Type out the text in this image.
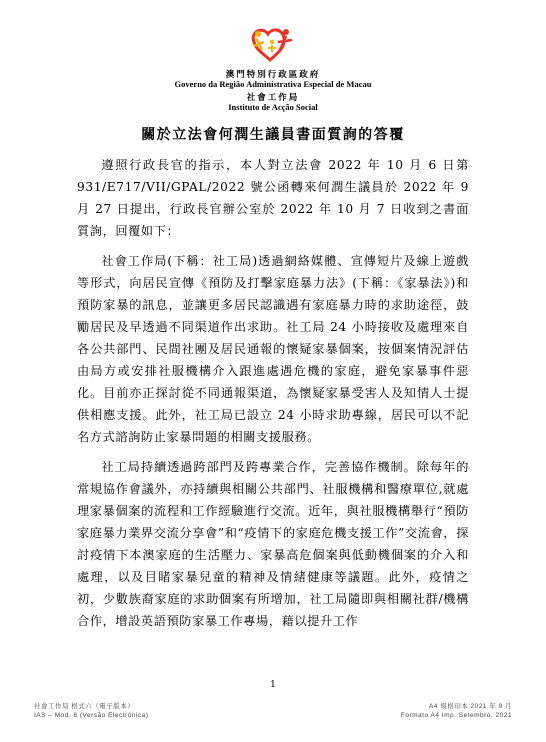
澳門特別行政區政府
Governo da Região Administrativa Especial de Macau
社會工作局
Instituto de Acção Social
關於立法會何潤生議員書面質詢的答覆

遵照行政長官的指示，本人對立法會 2022 年 10 月 6 日第 931/E717/VII/GPAL/2022 號公函轉來何潤生議員於 2022 年 9 月 27 日提出，行政長官辦公室於 2022 年 10 月 7 日收到之書面質詢，回覆如下：

社會工作局(下稱：社工局)透過網絡媒體、宣傳短片及線上遊戲等形式，向居民宣傳《預防及打擊家庭暴力法》(下稱：《家暴法》)和預防家暴的訊息，並讓更多居民認識遇有家庭暴力時的求助途徑，鼓勵居民及早透過不同渠道作出求助。社工局 24 小時接收及處理來自各公共部門、民間社團及居民通報的懷疑家暴個案，按個案情況評估由局方或安排社服機構介入跟進處遇危機的家庭，避免家暴事件惡化。目前亦正探討從不同通報渠道，為懷疑家暴受害人及知情人士提供相應支援。此外，社工局已設立 24 小時求助專線，居民可以不記名方式諮詢防止家暴問題的相關支援服務。

社工局持續透過跨部門及跨專業合作，完善協作機制。除每年的常規協作會議外，亦持續與相關公共部門、社服機構和醫療單位,就處理家暴個案的流程和工作經驗進行交流。近年，與社服機構舉行“預防家庭暴力業界交流分享會”和“疫情下的家庭危機支援工作”交流會，探討疫情下本澳家庭的生活壓力、家暴高危個案與低動機個案的介入和處理，以及目睹家暴兒童的精神及情緒健康等議題。此外，疫情之初，少數族裔家庭的求助個案有所增加，社工局隨即與相關社群/機構合作，增設英語預防家暴工作專場，藉以提升工作

1
社會工作局 格式六（電子版本）
IAS – Mod. 6 (Versão Electrónica)
A4 規格印本 2021 年 9 月
Formato A4 Imp. Setembro. 2021
